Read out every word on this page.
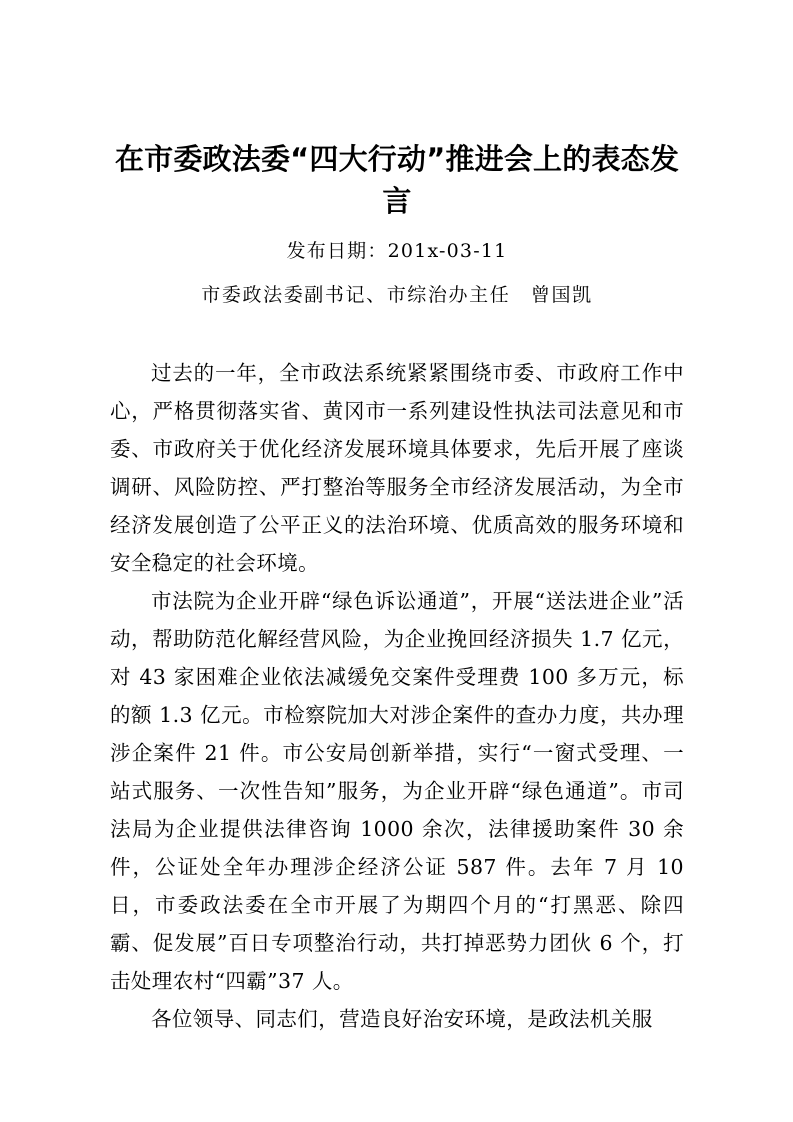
在市委政法委“四大行动”推进会上的表态发言
发布日期：201x-03-11
市委政法委副书记、市综治办主任　曾国凯

过去的一年，全市政法系统紧紧围绕市委、市政府工作中心，严格贯彻落实省、黄冈市一系列建设性执法司法意见和市委、市政府关于优化经济发展环境具体要求，先后开展了座谈调研、风险防控、严打整治等服务全市经济发展活动，为全市经济发展创造了公平正义的法治环境、优质高效的服务环境和安全稳定的社会环境。

市法院为企业开辟“绿色诉讼通道”，开展“送法进企业”活动，帮助防范化解经营风险，为企业挽回经济损失 1.7 亿元，对 43 家困难企业依法减缓免交案件受理费 100 多万元，标的额 1.3 亿元。市检察院加大对涉企案件的查办力度，共办理涉企案件 21 件。市公安局创新举措，实行“一窗式受理、一站式服务、一次性告知”服务，为企业开辟“绿色通道”。市司法局为企业提供法律咨询 1000 余次，法律援助案件 30 余件，公证处全年办理涉企经济公证 587 件。去年 7 月 10 日，市委政法委在全市开展了为期四个月的“打黑恶、除四霸、促发展”百日专项整治行动，共打掉恶势力团伙 6 个，打击处理农村“四霸”37 人。

各位领导、同志们，营造良好治安环境，是政法机关服
